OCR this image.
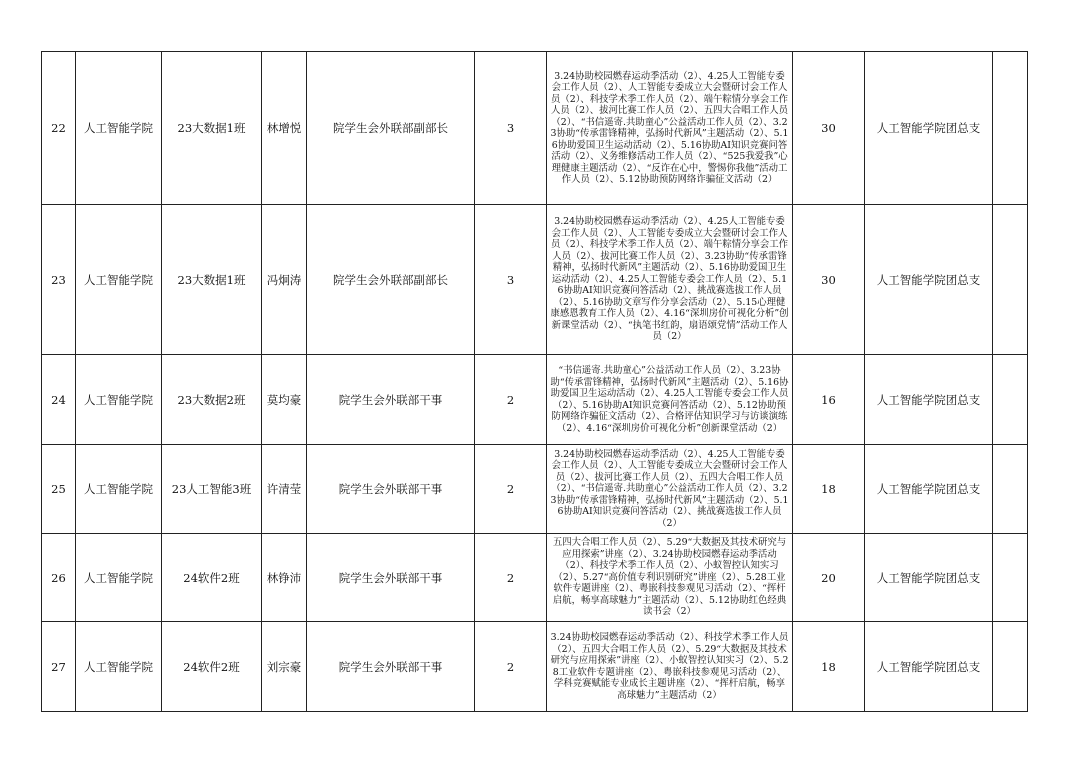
22	人工智能学院	23大数据1班	林增悦	院学生会外联部副部长	3	3.24协助校园燃春运动季活动（2）、4.25人工智能专委会工作人员（2）、人工智能专委成立大会暨研讨会工作人员（2）、科技学术季工作人员（2）、端午粽情分享会工作人员（2）、拔河比赛工作人员（2）、五四大合唱工作人员（2）、“书信遥寄.共助童心”公益活动工作人员（2）、3.23协助“传承雷锋精神，弘扬时代新风”主题活动（2）、5.16协助爱国卫生运动活动（2）、5.16协助AI知识竞赛问答活动（2）、义务维修活动工作人员（2）、“525我爱我”心理健康主题活动（2）、“反诈在心中，警惕你我他”活动工作人员（2）、5.12协助预防网络诈骗征文活动（2）	30	人工智能学院团总支	
23	人工智能学院	23大数据1班	冯炯涛	院学生会外联部副部长	3	3.24协助校园燃春运动季活动（2）、4.25人工智能专委会工作人员（2）、人工智能专委成立大会暨研讨会工作人员（2）、科技学术季工作人员（2）、端午粽情分享会工作人员（2）、拔河比赛工作人员（2）、3.23协助“传承雷锋精神，弘扬时代新风”主题活动（2）、5.16协助爱国卫生运动活动（2）、4.25人工智能专委会工作人员（2）、5.16协助AI知识竞赛问答活动（2）、挑战赛选拔工作人员（2）、5.16协助文章写作分享会活动（2）、5.15心理健康感恩教育工作人员（2）、4.16“深圳房价可视化分析”创新课堂活动（2）、“执笔书红韵，扇语颂党情”活动工作人员（2）	30	人工智能学院团总支	
24	人工智能学院	23大数据2班	莫均豪	院学生会外联部干事	2	“书信遥寄.共助童心”公益活动工作人员（2）、3.23协助“传承雷锋精神，弘扬时代新风”主题活动（2）、5.16协助爱国卫生运动活动（2）、4.25人工智能专委会工作人员（2）、5.16协助AI知识竞赛问答活动（2）、5.12协助预防网络诈骗征文活动（2）、合格评估知识学习与访谈演练（2）、4.16“深圳房价可视化分析”创新课堂活动（2）	16	人工智能学院团总支	
25	人工智能学院	23人工智能3班	许清莹	院学生会外联部干事	2	3.24协助校园燃春运动季活动（2）、4.25人工智能专委会工作人员（2）、人工智能专委成立大会暨研讨会工作人员（2）、拔河比赛工作人员（2）、五四大合唱工作人员（2）、“书信遥寄.共助童心”公益活动工作人员（2）、3.23协助“传承雷锋精神，弘扬时代新风”主题活动（2）、5.16协助AI知识竞赛问答活动（2）、挑战赛选拔工作人员（2）	18	人工智能学院团总支	
26	人工智能学院	24软件2班	林铮沛	院学生会外联部干事	2	五四大合唱工作人员（2）、5.29“大数据及其技术研究与应用探索”讲座（2）、3.24协助校园燃春运动季活动（2）、科技学术季工作人员（2）、小蚁智控认知实习（2）、5.27“高价值专利识别研究”讲座（2）、5.28工业软件专题讲座（2）、粤嵌科技参观见习活动（2）、“挥杆启航，畅享高球魅力”主题活动（2）、5.12协助红色经典读书会（2）	20	人工智能学院团总支	
27	人工智能学院	24软件2班	刘宗豪	院学生会外联部干事	2	3.24协助校园燃春运动季活动（2）、科技学术季工作人员（2）、五四大合唱工作人员（2）、5.29“大数据及其技术研究与应用探索”讲座（2）、小蚁智控认知实习（2）、5.28工业软件专题讲座（2）、粤嵌科技参观见习活动（2）、学科竞赛赋能专业成长主题讲座（2）、“挥杆启航，畅享高球魅力”主题活动（2）	18	人工智能学院团总支	
